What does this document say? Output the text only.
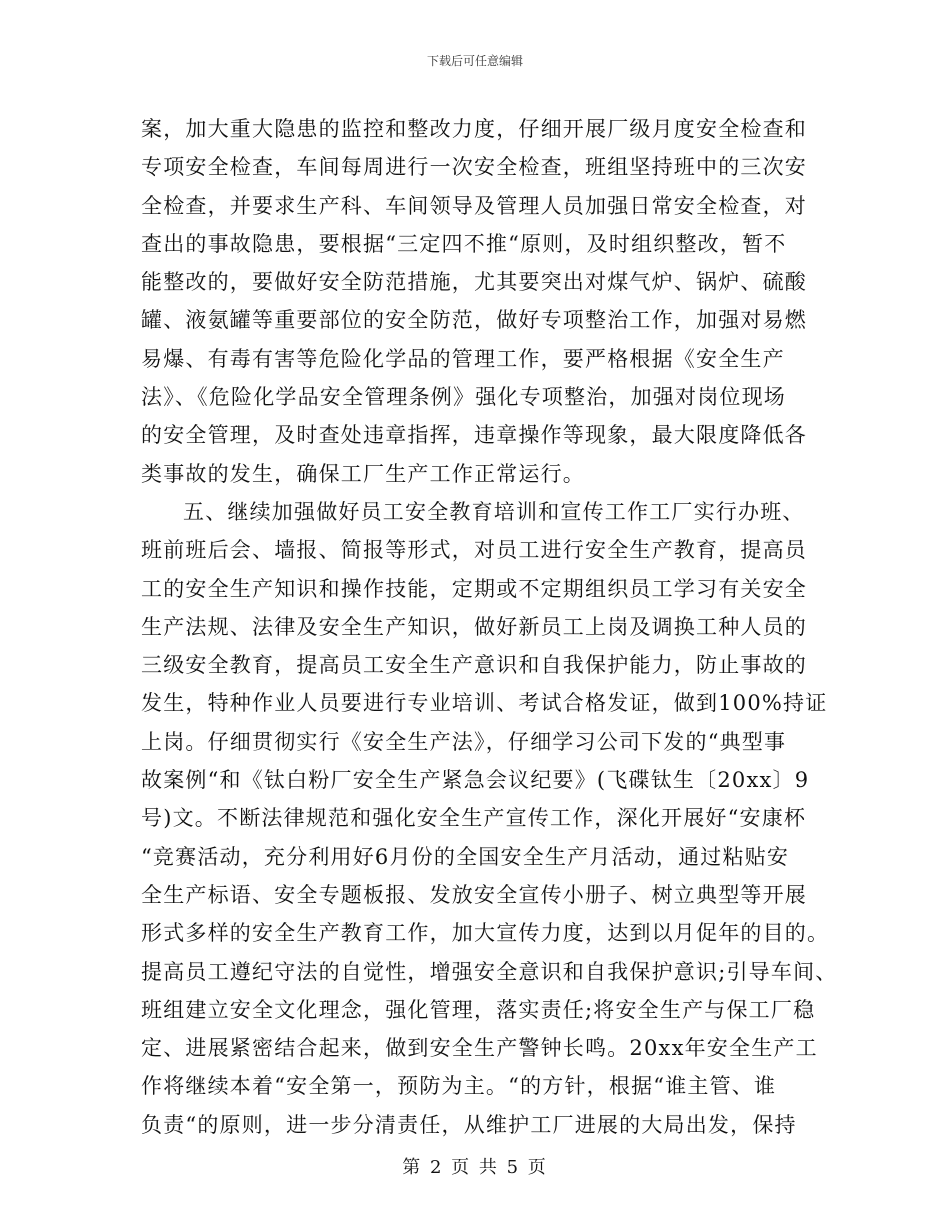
下载后可任意编辑
案，加大重大隐患的监控和整改力度，仔细开展厂级月度安全检查和
专项安全检查，车间每周进行一次安全检查，班组坚持班中的三次安
全检查，并要求生产科、车间领导及管理人员加强日常安全检查，对
查出的事故隐患，要根据“三定四不推“原则，及时组织整改，暂不
能整改的，要做好安全防范措施，尤其要突出对煤气炉、锅炉、硫酸
罐、液氨罐等重要部位的安全防范，做好专项整治工作，加强对易燃
易爆、有毒有害等危险化学品的管理工作，要严格根据《安全生产
法》、《危险化学品安全管理条例》强化专项整治，加强对岗位现场
的安全管理，及时查处违章指挥，违章操作等现象，最大限度降低各
类事故的发生，确保工厂生产工作正常运行。
五、继续加强做好员工安全教育培训和宣传工作工厂实行办班、
班前班后会、墙报、简报等形式，对员工进行安全生产教育，提高员
工的安全生产知识和操作技能，定期或不定期组织员工学习有关安全
生产法规、法律及安全生产知识，做好新员工上岗及调换工种人员的
三级安全教育，提高员工安全生产意识和自我保护能力，防止事故的
发生，特种作业人员要进行专业培训、考试合格发证，做到100%持证
上岗。仔细贯彻实行《安全生产法》，仔细学习公司下发的“典型事
故案例“和《钛白粉厂安全生产紧急会议纪要》(飞碟钛生〔20xx〕9
号)文。不断法律规范和强化安全生产宣传工作，深化开展好“安康杯
“竞赛活动，充分利用好6月份的全国安全生产月活动，通过粘贴安
全生产标语、安全专题板报、发放安全宣传小册子、树立典型等开展
形式多样的安全生产教育工作，加大宣传力度，达到以月促年的目的。
提高员工遵纪守法的自觉性，增强安全意识和自我保护意识;引导车间、
班组建立安全文化理念，强化管理，落实责任;将安全生产与保工厂稳
定、进展紧密结合起来，做到安全生产警钟长鸣。20xx年安全生产工
作将继续本着“安全第一，预防为主。“的方针，根据“谁主管、谁
负责“的原则，进一步分清责任，从维护工厂进展的大局出发，保持
第 2 页 共 5 页
